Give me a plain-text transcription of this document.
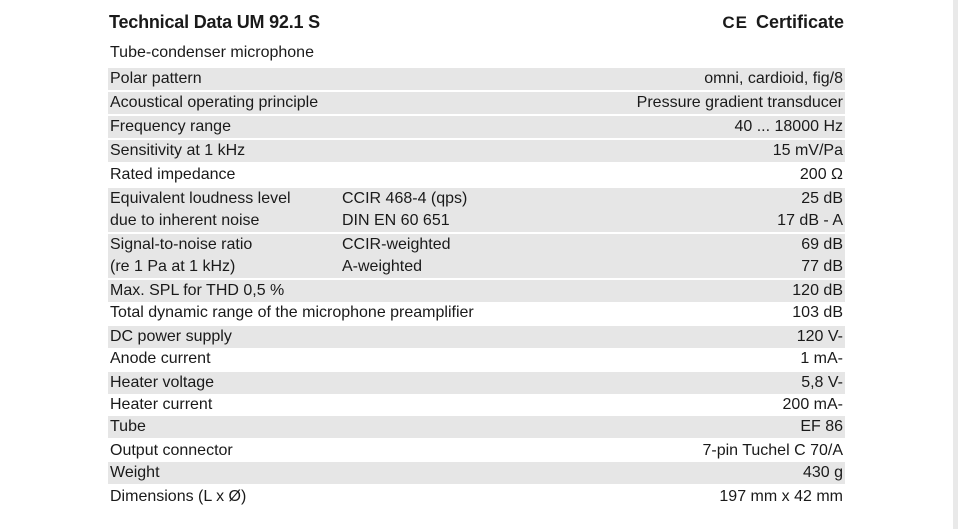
Technical Data UM 92.1 S	CE Certificate
Tube-condenser microphone
Polar pattern	omni, cardioid, fig/8
Acoustical operating principle	Pressure gradient transducer
Frequency range	40 ... 18000 Hz
Sensitivity at 1 kHz	15 mV/Pa
Rated impedance	200 Ω
Equivalent loudness level	CCIR 468-4 (qps)	25 dB
due to inherent noise	DIN EN 60 651	17 dB - A
Signal-to-noise ratio	CCIR-weighted	69 dB
(re 1 Pa at 1 kHz)	A-weighted	77 dB
Max. SPL for THD 0,5 %	120 dB
Total dynamic range of the microphone preamplifier	103 dB
DC power supply	120 V-
Anode current	1 mA-
Heater voltage	5,8 V-
Heater current	200 mA-
Tube	EF 86
Output connector	7-pin Tuchel C 70/A
Weight	430 g
Dimensions (L x Ø)	197 mm x 42 mm
